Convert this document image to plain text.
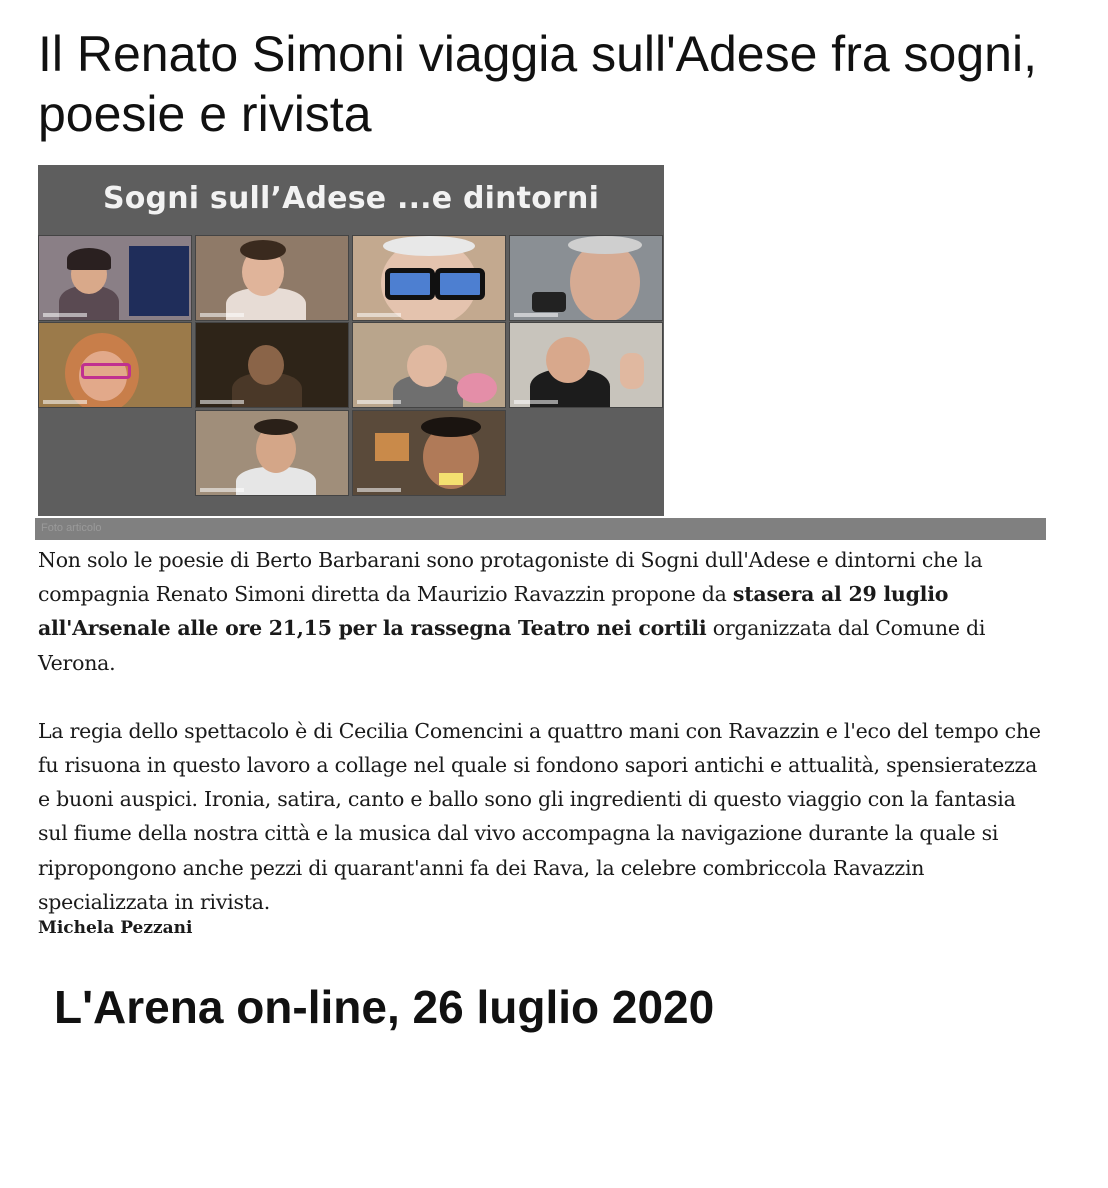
Il Renato Simoni viaggia sull'Adese fra sogni, poesie e rivista
Sogni sull’Adese ...e dintorni
Foto articolo

Non solo le poesie di Berto Barbarani sono protagoniste di Sogni dull'Adese e dintorni che la compagnia Renato Simoni diretta da Maurizio Ravazzin propone da stasera al 29 luglio all'Arsenale alle ore 21,15 per la rassegna Teatro nei cortili organizzata dal Comune di Verona.

La regia dello spettacolo è di Cecilia Comencini a quattro mani con Ravazzin e l'eco del tempo che fu risuona in questo lavoro a collage nel quale si fondono sapori antichi e attualità, spensieratezza e buoni auspici. Ironia, satira, canto e ballo sono gli ingredienti di questo viaggio con la fantasia sul fiume della nostra città e la musica dal vivo accompagna la navigazione durante la quale si ripropongono anche pezzi di quarant'anni fa dei Rava, la celebre combriccola Ravazzin specializzata in rivista.

Michela Pezzani
L'Arena on-line, 26 luglio 2020
